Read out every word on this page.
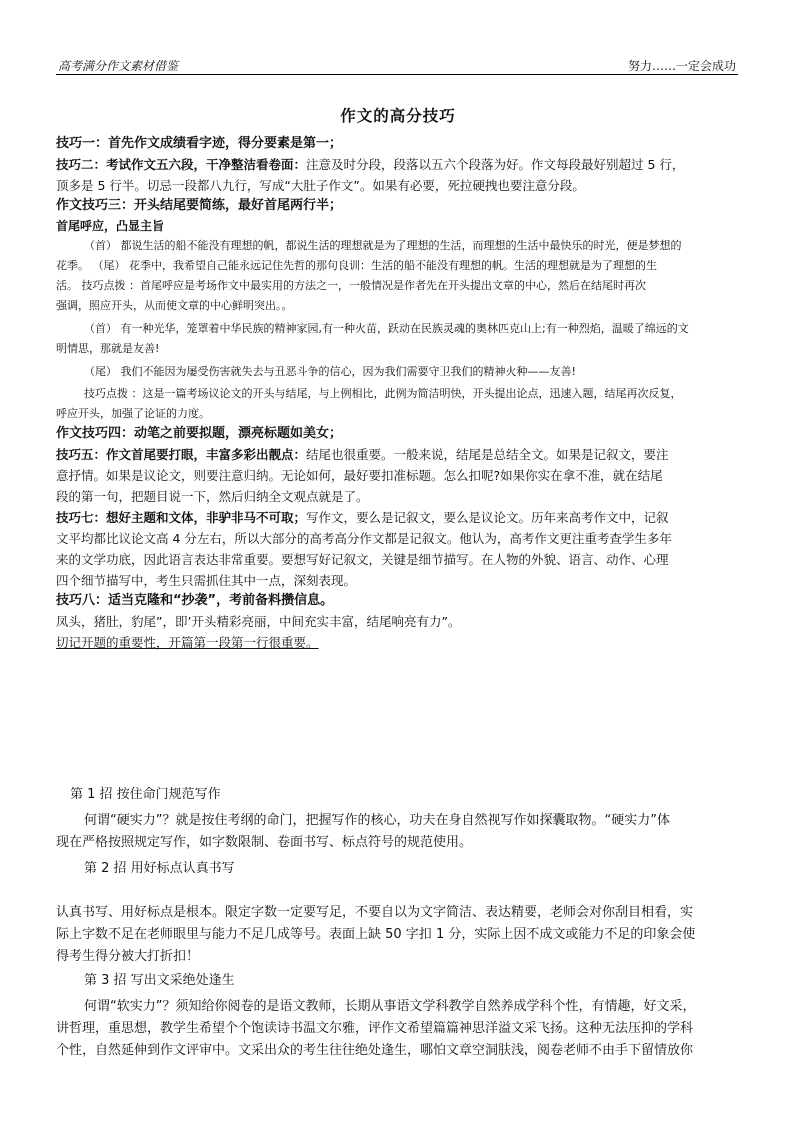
高考满分作文素材借鉴	努力……一定会成功
作文的高分技巧
技巧一：首先作文成绩看字迹，得分要素是第一；
技巧二：考试作文五六段，干净整洁看卷面：注意及时分段，段落以五六个段落为好。作文每段最好别超过 5 行，
顶多是 5 行半。切忌一段都八九行，写成“大肚子作文”。如果有必要，死拉硬拽也要注意分段。
作文技巧三：开头结尾要简练，最好首尾两行半；
首尾呼应，凸显主旨
（首） 都说生活的船不能没有理想的帆，都说生活的理想就是为了理想的生活，而理想的生活中最快乐的时光，便是梦想的
花季。 （尾） 花季中，我希望自己能永远记住先哲的那句良训：生活的船不能没有理想的帆。生活的理想就是为了理想的生
活。 技巧点拨 ：首尾呼应是考场作文中最实用的方法之一，一般情况是作者先在开头提出文章的中心，然后在结尾时再次
强调，照应开头，从而使文章的中心鲜明突出。。
（首） 有一种光华，笼罩着中华民族的精神家园,有一种火苗，跃动在民族灵魂的奥林匹克山上;有一种烈焰，温暖了绵远的文
明情思，那就是友善!
（尾） 我们不能因为屡受伤害就失去与丑恶斗争的信心，因为我们需要守卫我们的精神火种——友善!
技巧点拨 ：这是一篇考场议论文的开头与结尾，与上例相比，此例为简洁明快，开头提出论点，迅速入题，结尾再次反复，
呼应开头，加强了论证的力度。
作文技巧四：动笔之前要拟题，漂亮标题如美女；
技巧五：作文首尾要打眼，丰富多彩出靓点：结尾也很重要。一般来说，结尾是总结全文。如果是记叙文，要注
意抒情。如果是议论文，则要注意归纳。无论如何，最好要扣准标题。怎么扣呢?如果你实在拿不准，就在结尾
段的第一句，把题目说一下，然后归纳全文观点就是了。
技巧七：想好主题和文体，非驴非马不可取；写作文，要么是记叙文，要么是议论文。历年来高考作文中，记叙
文平均都比议论文高 4 分左右，所以大部分的高考高分作文都是记叙文。他认为，高考作文更注重考查学生多年
来的文学功底，因此语言表达非常重要。要想写好记叙文，关键是细节描写。在人物的外貌、语言、动作、心理
四个细节描写中，考生只需抓住其中一点，深刻表现。
技巧八：适当克隆和“抄袭”，考前备料攒信息。
凤头，猪肚，豹尾”，即’开头精彩亮丽，中间充实丰富，结尾响亮有力”。
切记开题的重要性，开篇第一段第一行很重要。
第 1 招 按住命门规范写作
何谓“硬实力”？就是按住考纲的命门，把握写作的核心，功夫在身自然视写作如探囊取物。“硬实力”体
现在严格按照规定写作，如字数限制、卷面书写、标点符号的规范使用。
第 2 招 用好标点认真书写
认真书写、用好标点是根本。限定字数一定要写足，不要自以为文字简洁、表达精要，老师会对你刮目相看，实
际上字数不足在老师眼里与能力不足几成等号。表面上缺 50 字扣 1 分，实际上因不成文或能力不足的印象会使
得考生得分被大打折扣！
第 3 招 写出文采绝处逢生
何谓“软实力”？须知给你阅卷的是语文教师，长期从事语文学科教学自然养成学科个性，有情趣，好文采，
讲哲理，重思想，教学生希望个个饱读诗书温文尔雅，评作文希望篇篇神思洋溢文采飞扬。这种无法压抑的学科
个性，自然延伸到作文评审中。文采出众的考生往往绝处逢生，哪怕文章空洞肤浅，阅卷老师不由手下留情放你
